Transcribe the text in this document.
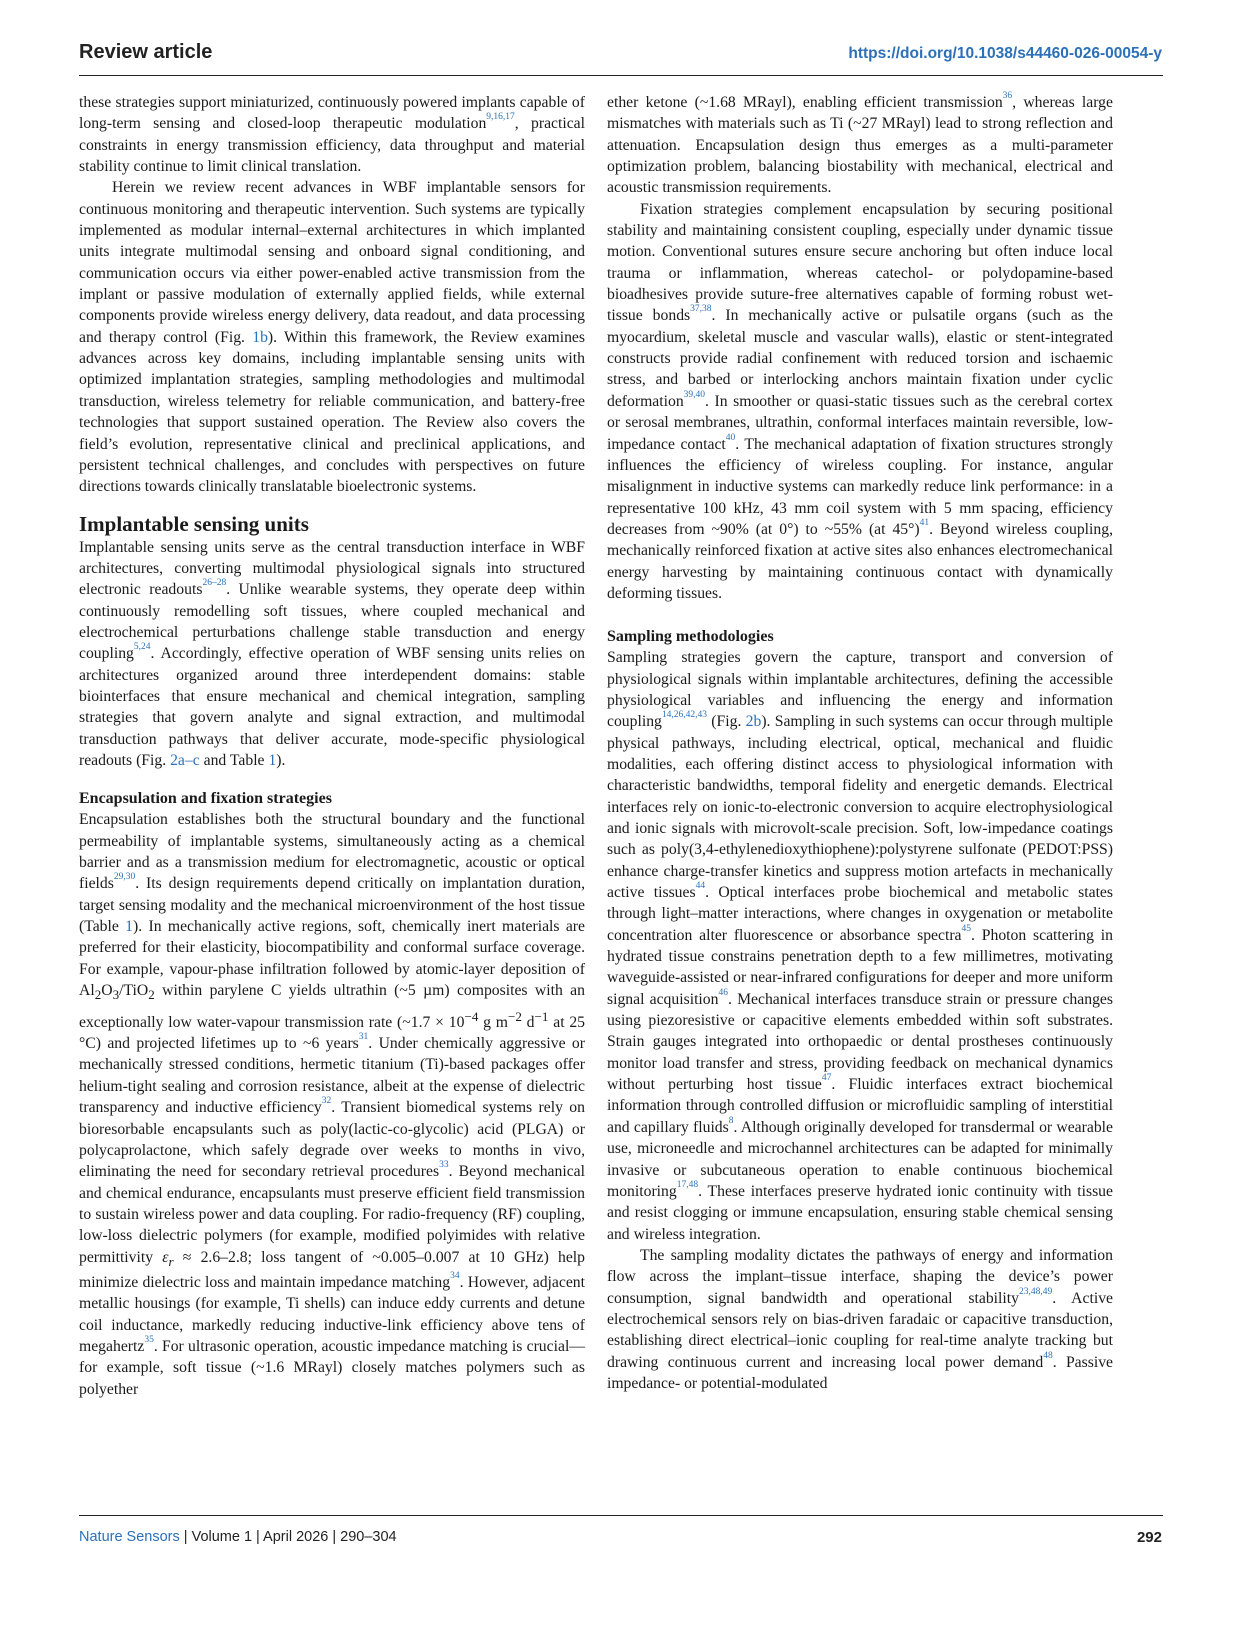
Review article	https://doi.org/10.1038/s44460-026-00054-y

these strategies support miniaturized, continuously powered implants capable of long-term sensing and closed-loop therapeutic modulation$^{9,16,17}$, practical constraints in energy transmission efficiency, data throughput and material stability continue to limit clinical translation.

Herein we review recent advances in WBF implantable sensors for continuous monitoring and therapeutic intervention. Such systems are typically implemented as modular internal–external architectures in which implanted units integrate multimodal sensing and onboard signal conditioning, and communication occurs via either power-enabled active transmission from the implant or passive modulation of externally applied fields, while external components provide wireless energy delivery, data readout, and data processing and therapy control (Fig. 1b). Within this framework, the Review examines advances across key domains, including implantable sensing units with optimized implantation strategies, sampling methodologies and multimodal transduction, wireless telemetry for reliable communication, and battery-free technologies that support sustained operation. The Review also covers the field’s evolution, representative clinical and preclinical applications, and persistent technical challenges, and concludes with perspectives on future directions towards clinically translatable bioelectronic systems.

Implantable sensing units

Implantable sensing units serve as the central transduction interface in WBF architectures, converting multimodal physiological signals into structured electronic readouts$^{26-28}$. Unlike wearable systems, they operate deep within continuously remodelling soft tissues, where coupled mechanical and electrochemical perturbations challenge stable transduction and energy coupling$^{5,24}$. Accordingly, effective operation of WBF sensing units relies on architectures organized around three interdependent domains: stable biointerfaces that ensure mechanical and chemical integration, sampling strategies that govern analyte and signal extraction, and multimodal transduction pathways that deliver accurate, mode-specific physiological readouts (Fig. 2a–c and Table 1).

Encapsulation and fixation strategies

Encapsulation establishes both the structural boundary and the functional permeability of implantable systems, simultaneously acting as a chemical barrier and as a transmission medium for electromagnetic, acoustic or optical fields$^{29,30}$. Its design requirements depend critically on implantation duration, target sensing modality and the mechanical microenvironment of the host tissue (Table 1). In mechanically active regions, soft, chemically inert materials are preferred for their elasticity, biocompatibility and conformal surface coverage. For example, vapour-phase infiltration followed by atomic-layer deposition of $Al_2O_3/TiO_2$ within parylene C yields ultrathin (~5 µm) composites with an exceptionally low water-vapour transmission rate (~1.7 × $10^{-4}$ g $m^{-2}$ $d^{-1}$ at 25 °C) and projected lifetimes up to ~6 years$^{31}$. Under chemically aggressive or mechanically stressed conditions, hermetic titanium (Ti)-based packages offer helium-tight sealing and corrosion resistance, albeit at the expense of dielectric transparency and inductive efficiency$^{32}$. Transient biomedical systems rely on bioresorbable encapsulants such as poly(lactic-co-glycolic) acid (PLGA) or polycaprolactone, which safely degrade over weeks to months in vivo, eliminating the need for secondary retrieval procedures$^{33}$. Beyond mechanical and chemical endurance, encapsulants must preserve efficient field transmission to sustain wireless power and data coupling. For radio-frequency (RF) coupling, low-loss dielectric polymers (for example, modified polyimides with relative permittivity $\varepsilon_r \approx 2.6-2.8$; loss tangent of ~0.005–0.007 at 10 GHz) help minimize dielectric loss and maintain impedance matching$^{34}$. However, adjacent metallic housings (for example, Ti shells) can induce eddy currents and detune coil inductance, markedly reducing inductive-link efficiency above tens of megahertz$^{35}$. For ultrasonic operation, acoustic impedance matching is crucial—for example, soft tissue (~1.6 MRayl) closely matches polymers such as polyether

ether ketone (~1.68 MRayl), enabling efficient transmission$^{36}$, whereas large mismatches with materials such as Ti (~27 MRayl) lead to strong reflection and attenuation. Encapsulation design thus emerges as a multi-parameter optimization problem, balancing biostability with mechanical, electrical and acoustic transmission requirements.

Fixation strategies complement encapsulation by securing positional stability and maintaining consistent coupling, especially under dynamic tissue motion. Conventional sutures ensure secure anchoring but often induce local trauma or inflammation, whereas catechol- or polydopamine-based bioadhesives provide suture-free alternatives capable of forming robust wet-tissue bonds$^{37,38}$. In mechanically active or pulsatile organs (such as the myocardium, skeletal muscle and vascular walls), elastic or stent-integrated constructs provide radial confinement with reduced torsion and ischaemic stress, and barbed or interlocking anchors maintain fixation under cyclic deformation$^{39,40}$. In smoother or quasi-static tissues such as the cerebral cortex or serosal membranes, ultrathin, conformal interfaces maintain reversible, low-impedance contact$^{40}$. The mechanical adaptation of fixation structures strongly influences the efficiency of wireless coupling. For instance, angular misalignment in inductive systems can markedly reduce link performance: in a representative 100 kHz, 43 mm coil system with 5 mm spacing, efficiency decreases from ~90% (at 0°) to ~55% (at 45°)$^{41}$. Beyond wireless coupling, mechanically reinforced fixation at active sites also enhances electromechanical energy harvesting by maintaining continuous contact with dynamically deforming tissues.

Sampling methodologies

Sampling strategies govern the capture, transport and conversion of physiological signals within implantable architectures, defining the accessible physiological variables and influencing the energy and information coupling$^{14,26,42,43}$ (Fig. 2b). Sampling in such systems can occur through multiple physical pathways, including electrical, optical, mechanical and fluidic modalities, each offering distinct access to physiological information with characteristic bandwidths, temporal fidelity and energetic demands. Electrical interfaces rely on ionic-to-electronic conversion to acquire electrophysiological and ionic signals with microvolt-scale precision. Soft, low-impedance coatings such as poly(3,4-ethylenedioxythiophene):polystyrene sulfonate (PEDOT:PSS) enhance charge-transfer kinetics and suppress motion artefacts in mechanically active tissues$^{44}$. Optical interfaces probe biochemical and metabolic states through light–matter interactions, where changes in oxygenation or metabolite concentration alter fluorescence or absorbance spectra$^{45}$. Photon scattering in hydrated tissue constrains penetration depth to a few millimetres, motivating waveguide-assisted or near-infrared configurations for deeper and more uniform signal acquisition$^{46}$. Mechanical interfaces transduce strain or pressure changes using piezoresistive or capacitive elements embedded within soft substrates. Strain gauges integrated into orthopaedic or dental prostheses continuously monitor load transfer and stress, providing feedback on mechanical dynamics without perturbing host tissue$^{47}$. Fluidic interfaces extract biochemical information through controlled diffusion or microfluidic sampling of interstitial and capillary fluids$^8$. Although originally developed for transdermal or wearable use, microneedle and microchannel architectures can be adapted for minimally invasive or subcutaneous operation to enable continuous biochemical monitoring$^{17,48}$. These interfaces preserve hydrated ionic continuity with tissue and resist clogging or immune encapsulation, ensuring stable chemical sensing and wireless integration.

The sampling modality dictates the pathways of energy and information flow across the implant–tissue interface, shaping the device’s power consumption, signal bandwidth and operational stability$^{23,48,49}$. Active electrochemical sensors rely on bias-driven faradaic or capacitive transduction, establishing direct electrical–ionic coupling for real-time analyte tracking but drawing continuous current and increasing local power demand$^{48}$. Passive impedance- or potential-modulated

Nature Sensors | Volume 1 | April 2026 | 290–304	292
